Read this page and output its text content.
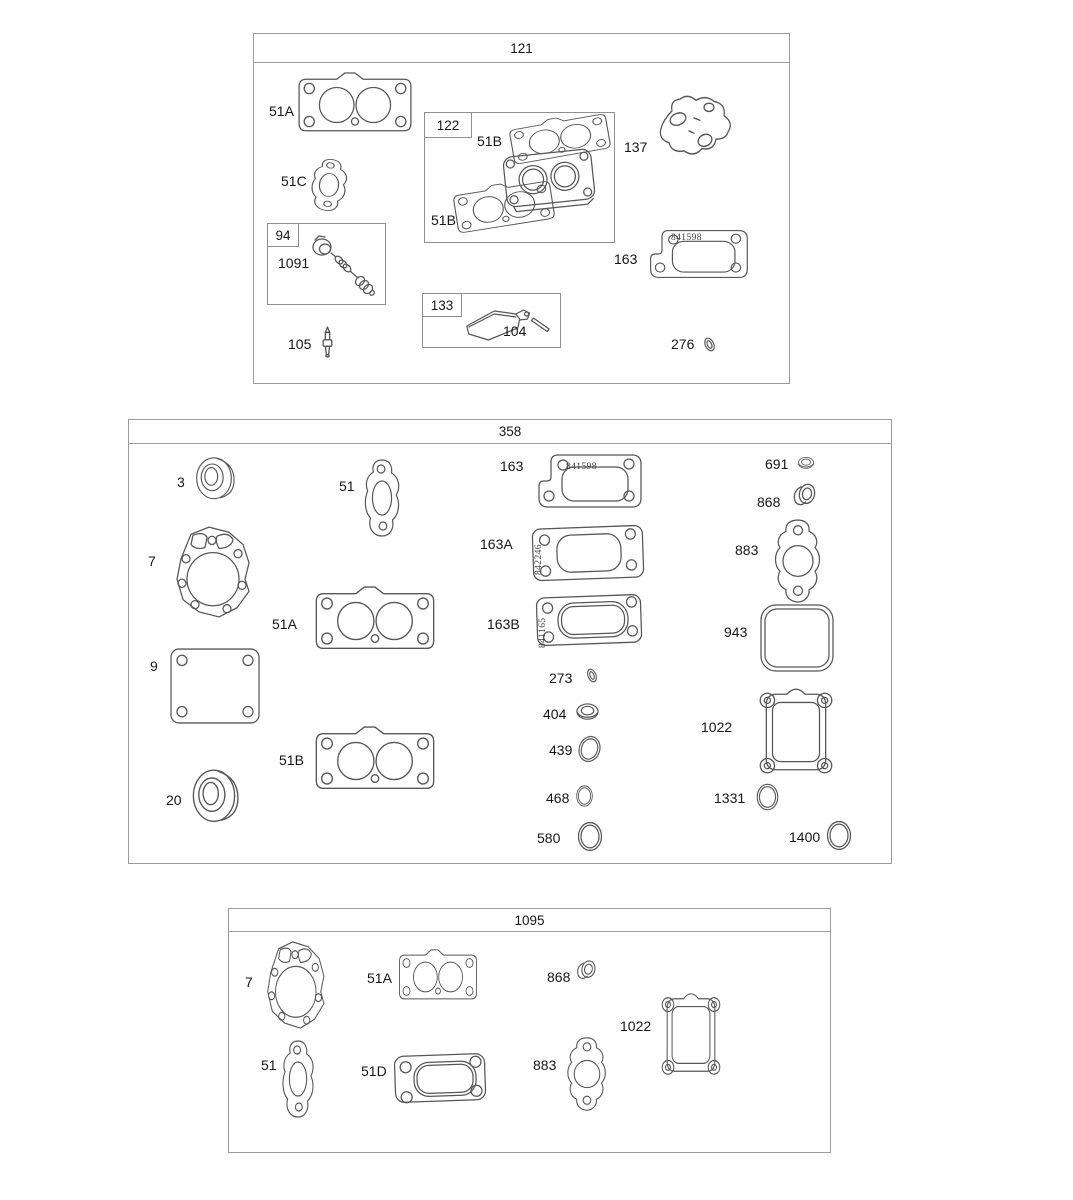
121
51A
51C
94
1091
105
122
51B
51B
137
163
841598
133
104
276
358
3	51
163	841598	691
868
7
163A
842246	883
51A	163B 841165	943
9
273
404
1022
439
51B
468	1331
20
580	1400
1095
7	51A	868
1022
51	51D	883
